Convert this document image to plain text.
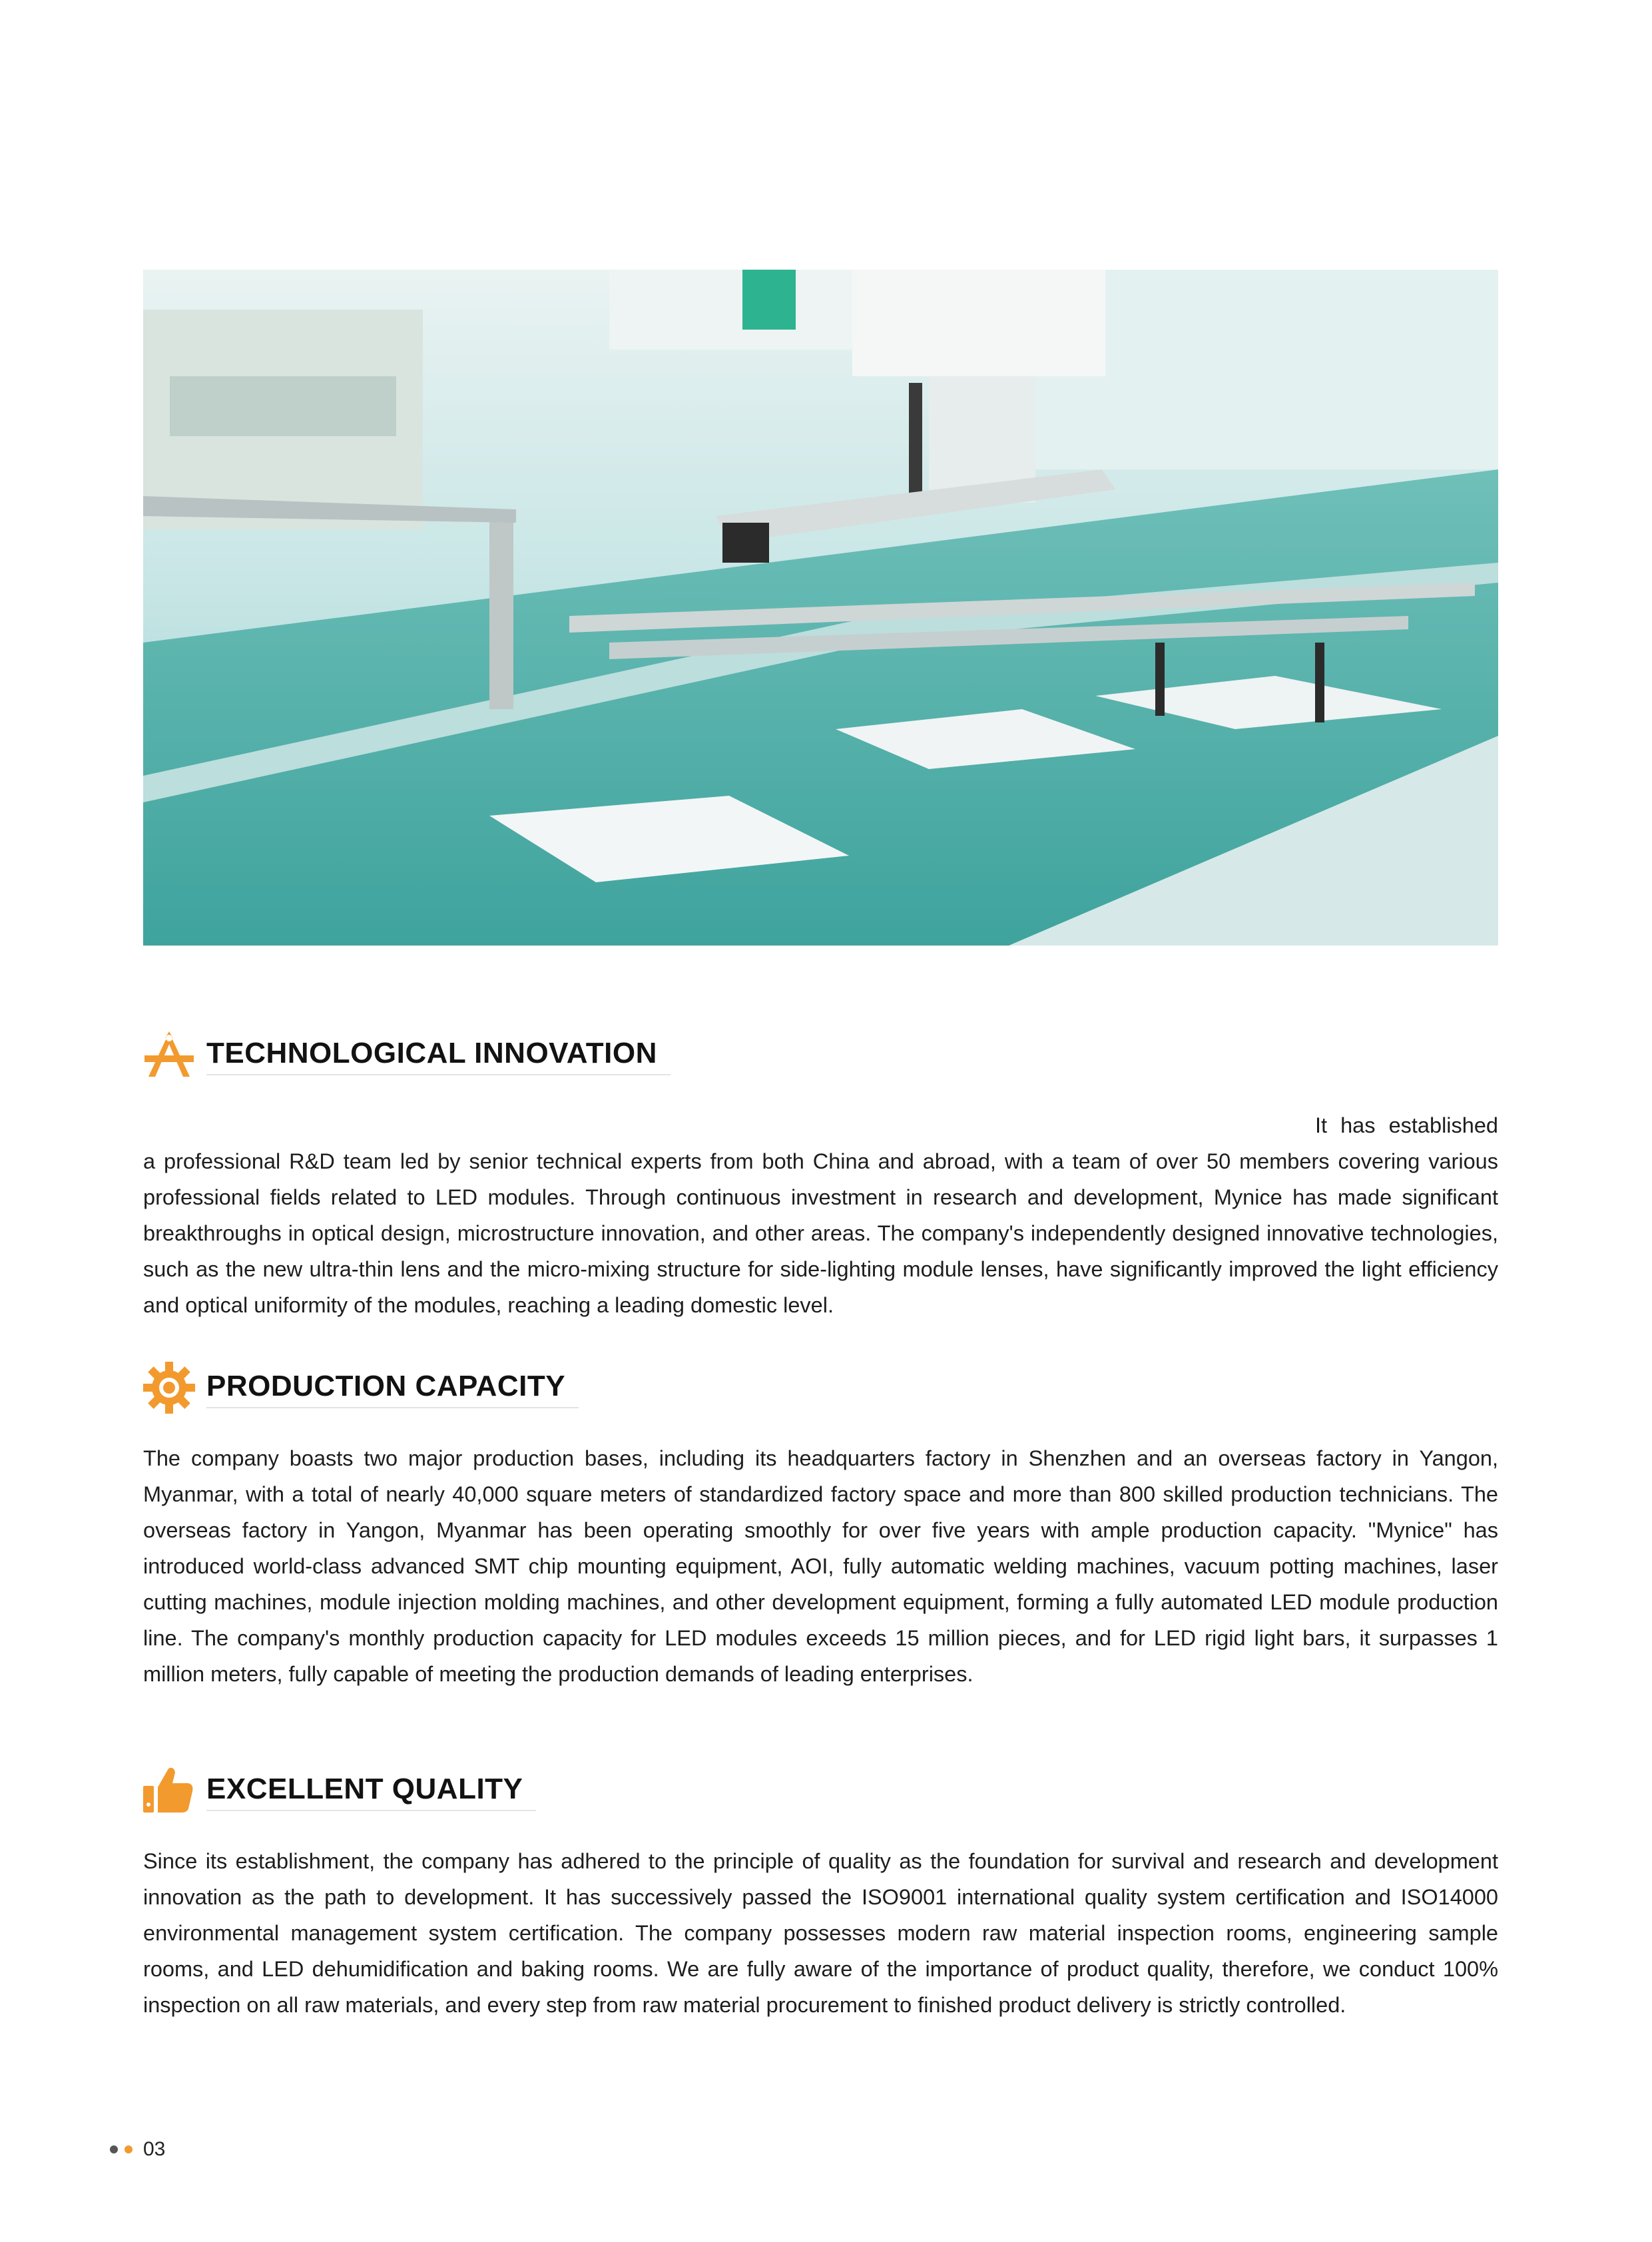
TECHNOLOGICAL INNOVATION
It has established a professional R&D team led by senior technical experts from both China and abroad, with a team of over 50 members covering various professional fields related to LED modules. Through continuous investment in research and development, Mynice has made significant breakthroughs in optical design, microstructure innovation, and other areas. The company's independently designed innovative technologies, such as the new ultra-thin lens and the micro-mixing structure for side-lighting module lenses, have significantly improved the light efficiency and optical uniformity of the modules, reaching a leading domestic level.
PRODUCTION CAPACITY
The company boasts two major production bases, including its headquarters factory in Shenzhen and an overseas factory in Yangon, Myanmar, with a total of nearly 40,000 square meters of standardized factory space and more than 800 skilled production technicians. The overseas factory in Yangon, Myanmar has been operating smoothly for over five years with ample production capacity. "Mynice" has introduced world-class advanced SMT chip mounting equipment, AOI, fully automatic welding machines, vacuum potting machines, laser cutting machines, module injection molding machines, and other development equipment, forming a fully automated LED module production line. The company's monthly production capacity for LED modules exceeds 15 million pieces, and for LED rigid light bars, it surpasses 1 million meters, fully capable of meeting the production demands of leading enterprises.
EXCELLENT QUALITY
Since its establishment, the company has adhered to the principle of quality as the foundation for survival and research and development innovation as the path to development. It has successively passed the ISO9001 international quality system certification and ISO14000 environmental management system certification. The company possesses modern raw material inspection rooms, engineering sample rooms, and LED dehumidification and baking rooms. We are fully aware of the importance of product quality, therefore, we conduct 100% inspection on all raw materials, and every step from raw material procurement to finished product delivery is strictly controlled.
03
